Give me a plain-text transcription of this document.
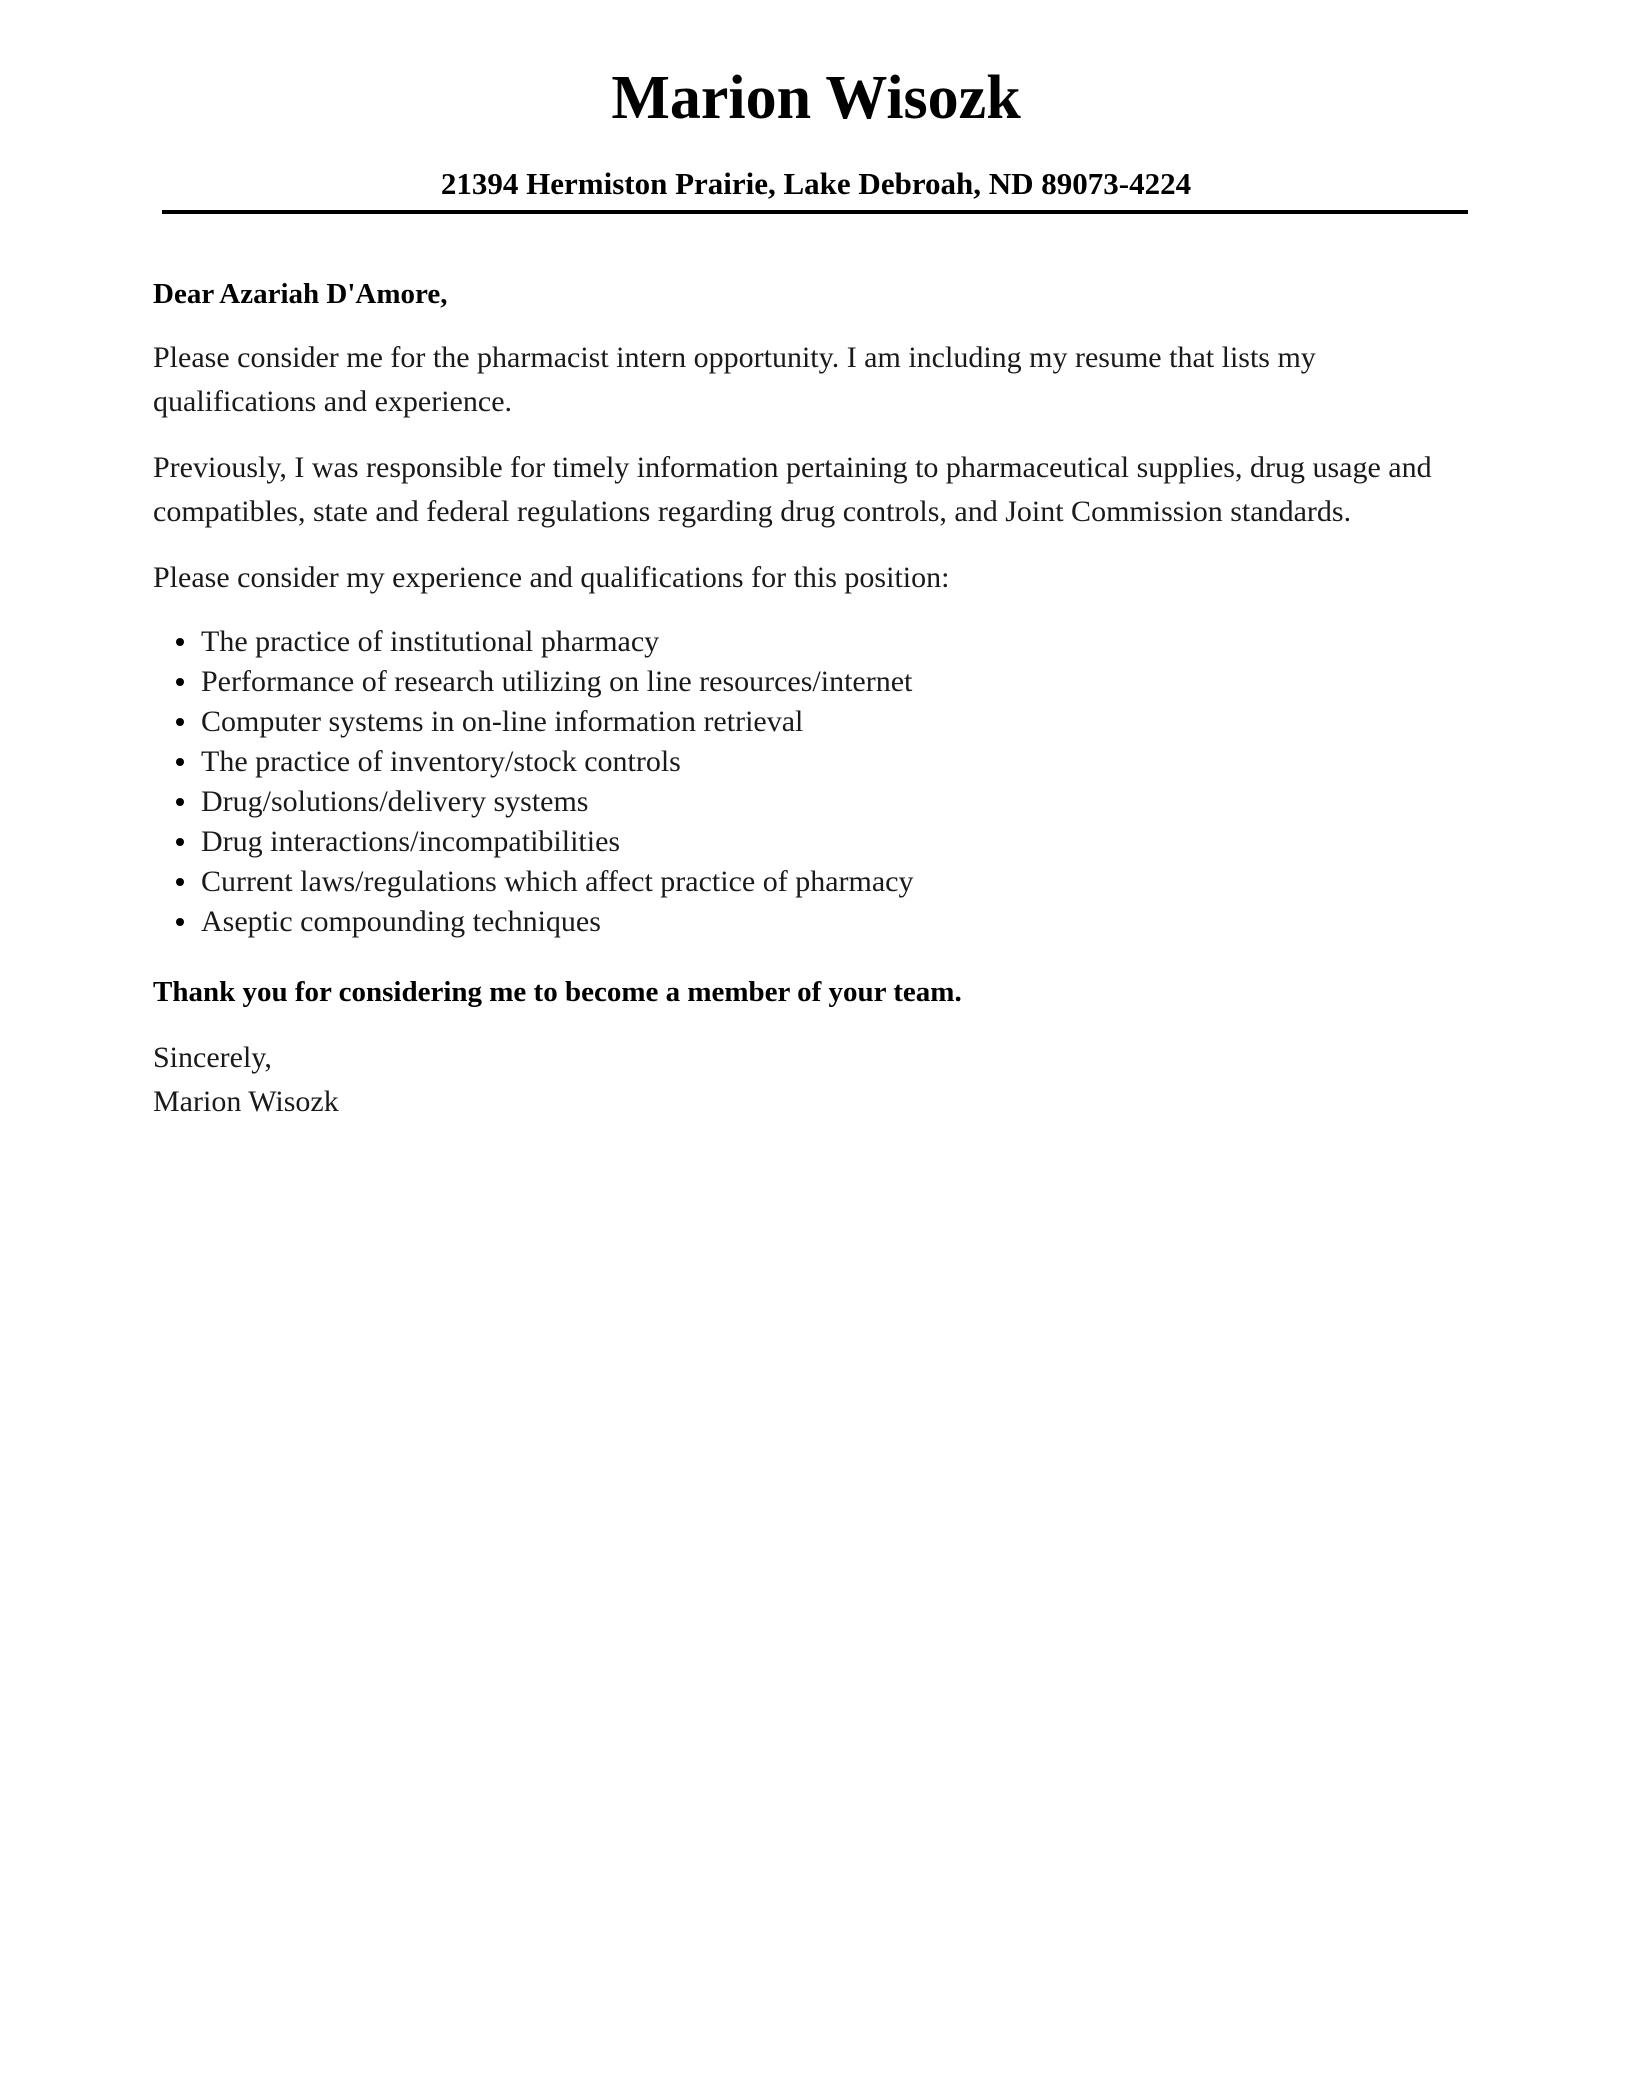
Marion Wisozk
21394 Hermiston Prairie, Lake Debroah, ND 89073-4224

Dear Azariah D'Amore,

Please consider me for the pharmacist intern opportunity. I am including my resume that lists my qualifications and experience.

Previously, I was responsible for timely information pertaining to pharmaceutical supplies, drug usage and compatibles, state and federal regulations regarding drug controls, and Joint Commission standards.

Please consider my experience and qualifications for this position:

The practice of institutional pharmacy
Performance of research utilizing on line resources/internet
Computer systems in on-line information retrieval
The practice of inventory/stock controls
Drug/solutions/delivery systems
Drug interactions/incompatibilities
Current laws/regulations which affect practice of pharmacy
Aseptic compounding techniques

Thank you for considering me to become a member of your team.

Sincerely,

Marion Wisozk
